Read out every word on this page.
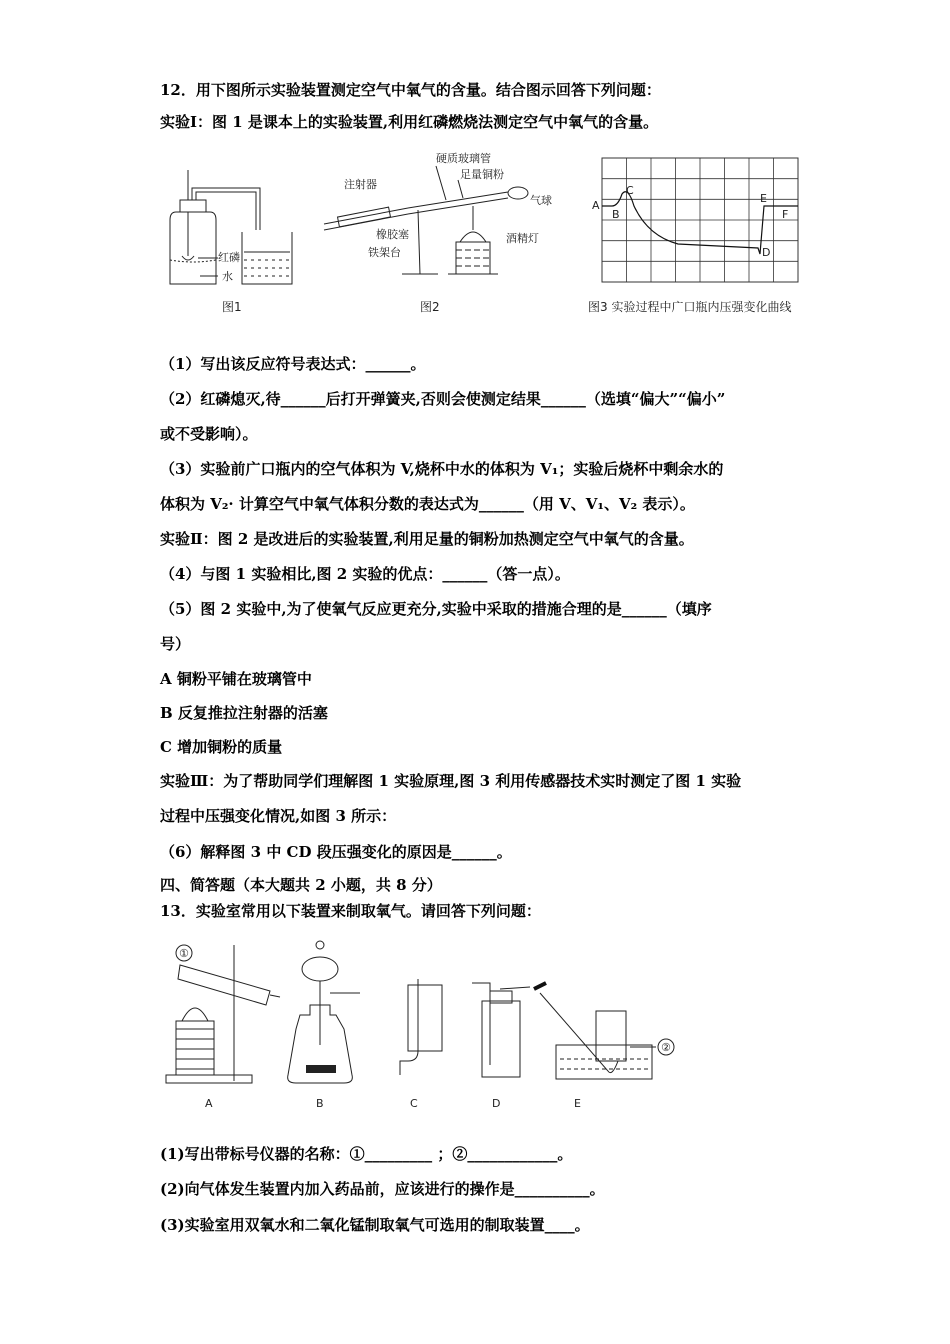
12．用下图所示实验装置测定空气中氧气的含量。结合图示回答下列问题：
实验Ⅰ：图 1 是课本上的实验装置,利用红磷燃烧法测定空气中氧气的含量。
红磷
水
图1
硬质玻璃管
足量铜粉
注射器
气球
橡胶塞	酒精灯
铁架台
图2
A
B
C
D
E
F
图3 实验过程中广口瓶内压强变化曲线
（1）写出该反应符号表达式：______。
（2）红磷熄灭,待______后打开弹簧夹,否则会使测定结果______（选填“偏大”“偏小”
或不受影响）。
（3）实验前广口瓶内的空气体积为 V,烧杯中水的体积为 V₁；实验后烧杯中剩余水的
体积为 V₂· 计算空气中氧气体积分数的表达式为______（用 V、V₁、V₂ 表示）。
实验Ⅱ：图 2 是改进后的实验装置,利用足量的铜粉加热测定空气中氧气的含量。
（4）与图 1 实验相比,图 2 实验的优点：______（答一点）。
（5）图 2 实验中,为了使氧气反应更充分,实验中采取的措施合理的是______（填序
号）
A 铜粉平铺在玻璃管中
B 反复推拉注射器的活塞
C 增加铜粉的质量
实验Ⅲ：为了帮助同学们理解图 1 实验原理,图 3 利用传感器技术实时测定了图 1 实验
过程中压强变化情况,如图 3 所示：
（6）解释图 3 中 CD 段压强变化的原因是______。
四、简答题（本大题共 2 小题，共 8 分）
13．实验室常用以下装置来制取氧气。请回答下列问题：
①
A	B	C	D
②
E
(1)写出带标号仪器的名称：①_________ ；②____________。
(2)向气体发生装置内加入药品前，应该进行的操作是__________。
(3)实验室用双氧水和二氧化锰制取氧气可选用的制取装置____。
